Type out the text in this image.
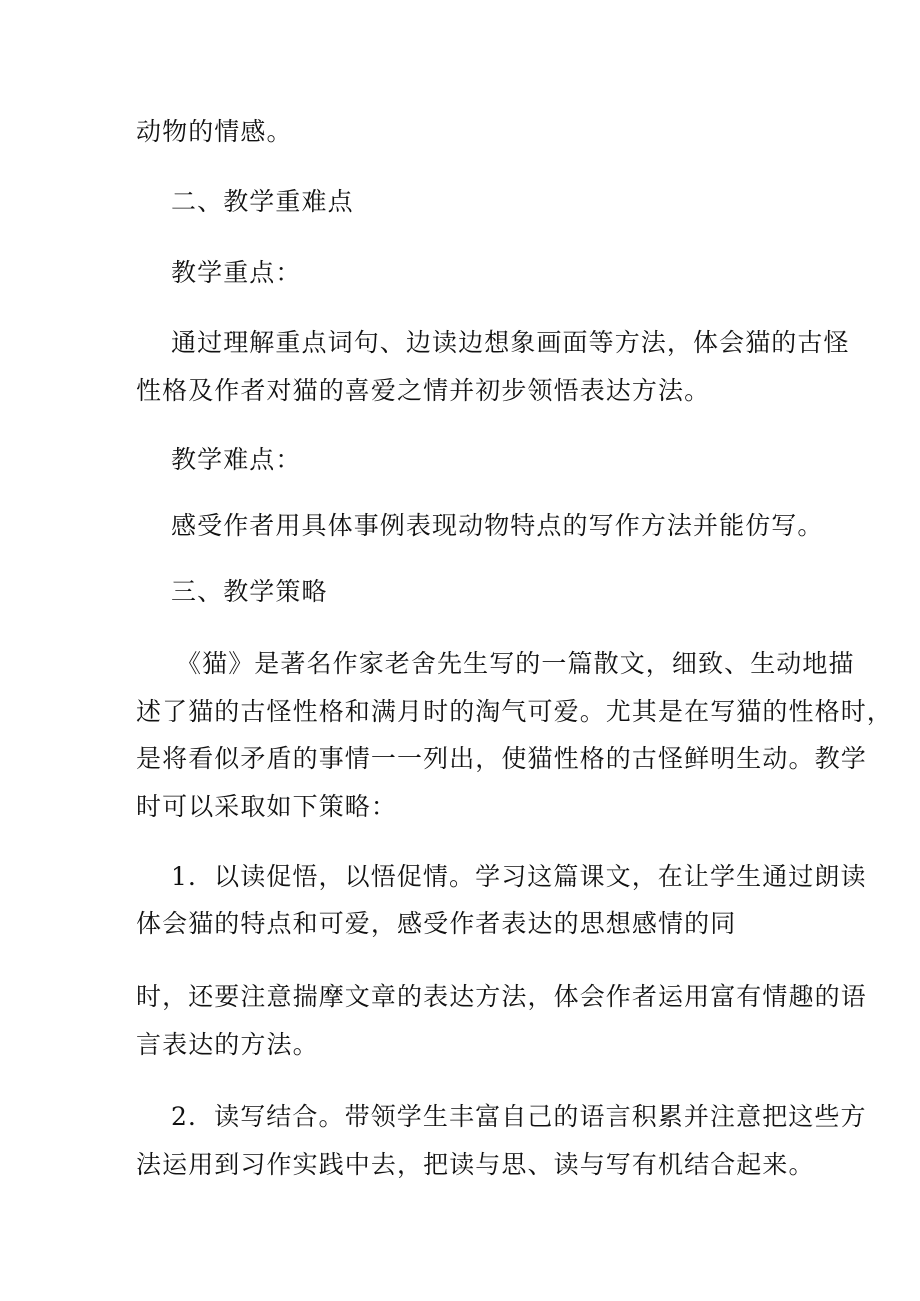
动物的情感。
二、教学重难点
教学重点：
通过理解重点词句、边读边想象画面等方法，体会猫的古怪
性格及作者对猫的喜爱之情并初步领悟表达方法。
教学难点：
感受作者用具体事例表现动物特点的写作方法并能仿写。
三、教学策略
《猫》是著名作家老舍先生写的一篇散文，细致、生动地描
述了猫的古怪性格和满月时的淘气可爱。尤其是在写猫的性格时，
是将看似矛盾的事情一一列出，使猫性格的古怪鲜明生动。教学
时可以采取如下策略：
1．以读促悟，以悟促情。学习这篇课文，在让学生通过朗读
体会猫的特点和可爱，感受作者表达的思想感情的同
时，还要注意揣摩文章的表达方法，体会作者运用富有情趣的语
言表达的方法。
2．读写结合。带领学生丰富自己的语言积累并注意把这些方
法运用到习作实践中去，把读与思、读与写有机结合起来。
